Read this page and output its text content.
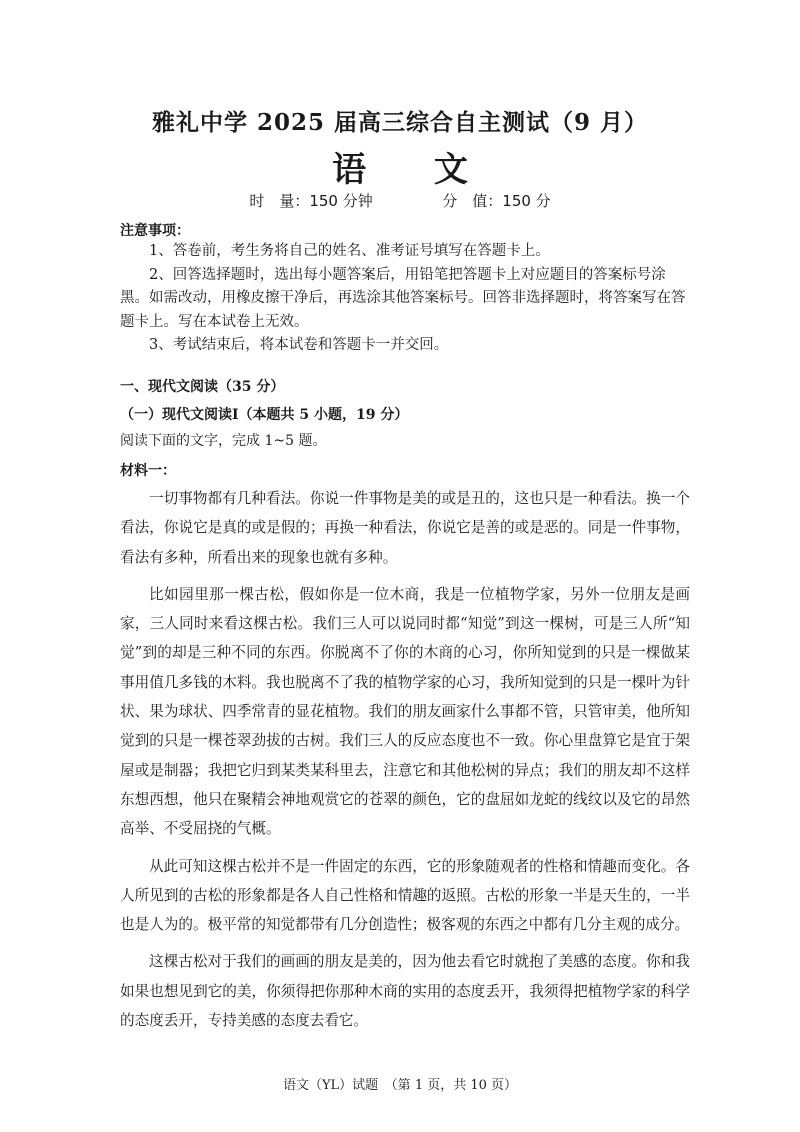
雅礼中学 2025 届高三综合自主测试（9 月）
语 文
时　量：150 分钟	分　值：150 分
注意事项：

1、答卷前，考生务将自己的姓名、准考证号填写在答题卡上。

2、回答选择题时，选出每小题答案后，用铅笔把答题卡上对应题目的答案标号涂黑。如需改动，用橡皮擦干净后，再选涂其他答案标号。回答非选择题时，将答案写在答题卡上。写在本试卷上无效。

3、考试结束后，将本试卷和答题卡一并交回。

一、现代文阅读（35 分）
（一）现代文阅读Ⅰ（本题共 5 小题，19 分）
阅读下面的文字，完成 1~5 题。
材料一：

一切事物都有几种看法。你说一件事物是美的或是丑的，这也只是一种看法。换一个看法，你说它是真的或是假的；再换一种看法，你说它是善的或是恶的。同是一件事物，看法有多种，所看出来的现象也就有多种。

比如园里那一棵古松，假如你是一位木商，我是一位植物学家，另外一位朋友是画家，三人同时来看这棵古松。我们三人可以说同时都“知觉”到这一棵树，可是三人所“知觉”到的却是三种不同的东西。你脱离不了你的木商的心习，你所知觉到的只是一棵做某事用值几多钱的木料。我也脱离不了我的植物学家的心习，我所知觉到的只是一棵叶为针状、果为球状、四季常青的显花植物。我们的朋友画家什么事都不管，只管审美，他所知觉到的只是一棵苍翠劲拔的古树。我们三人的反应态度也不一致。你心里盘算它是宜于架屋或是制器；我把它归到某类某科里去，注意它和其他松树的异点；我们的朋友却不这样东想西想，他只在聚精会神地观赏它的苍翠的颜色，它的盘屈如龙蛇的线纹以及它的昂然高举、不受屈挠的气概。

从此可知这棵古松并不是一件固定的东西，它的形象随观者的性格和情趣而变化。各人所见到的古松的形象都是各人自己性格和情趣的返照。古松的形象一半是天生的，一半也是人为的。极平常的知觉都带有几分创造性；极客观的东西之中都有几分主观的成分。

这棵古松对于我们的画画的朋友是美的，因为他去看它时就抱了美感的态度。你和我如果也想见到它的美，你须得把你那种木商的实用的态度丢开，我须得把植物学家的科学的态度丢开，专持美感的态度去看它。

语文（YL）试题　（第 1 页，共 10 页）
